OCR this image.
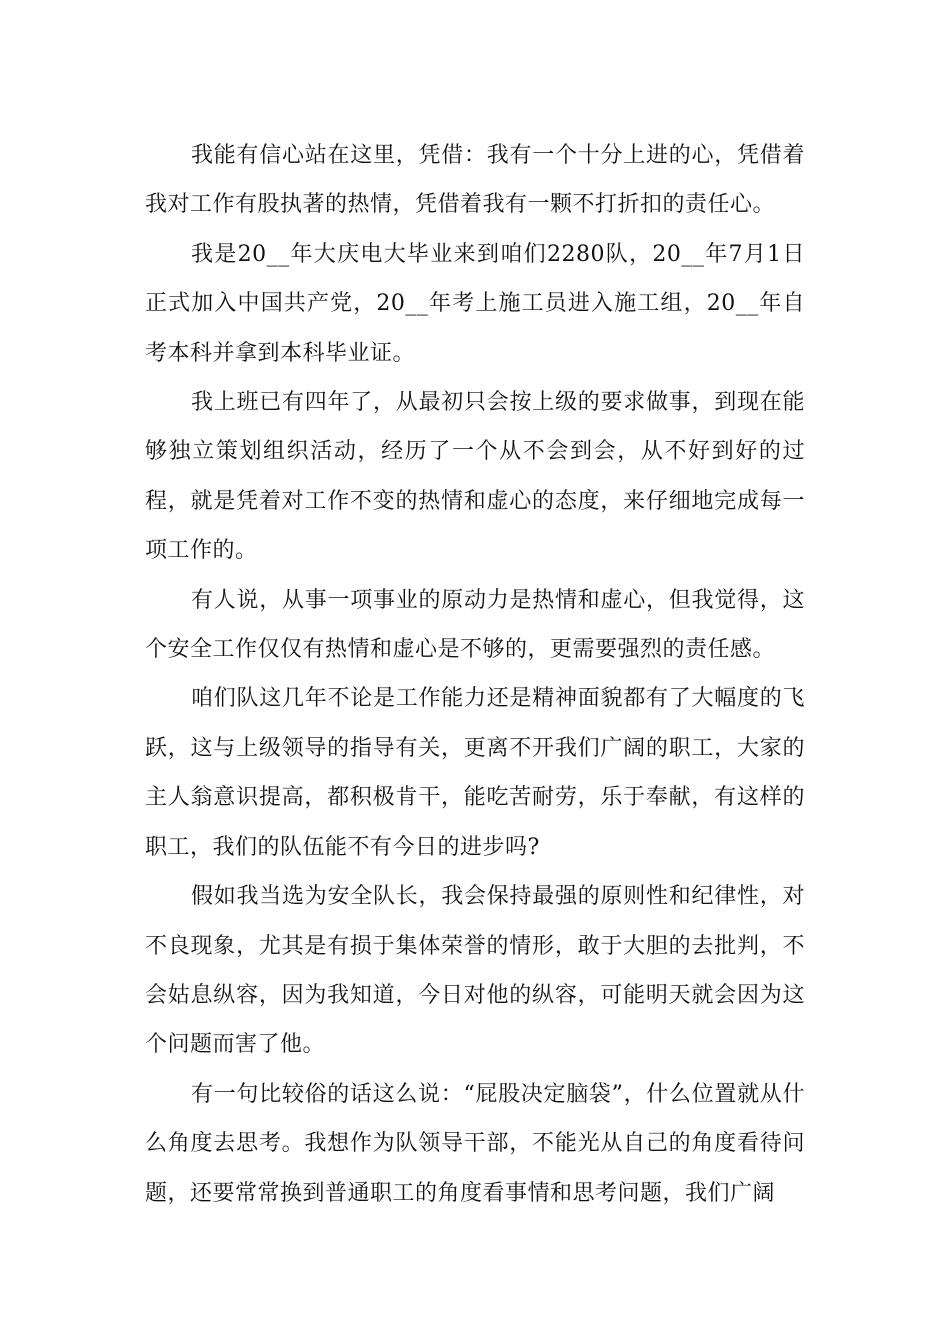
我能有信心站在这里，凭借：我有一个十分上进的心，凭借着我对工作有股执著的热情，凭借着我有一颗不打折扣的责任心。

我是20__年大庆电大毕业来到咱们2280队，20__年7月1日正式加入中国共产党，20__年考上施工员进入施工组，20__年自考本科并拿到本科毕业证。

我上班已有四年了，从最初只会按上级的要求做事，到现在能够独立策划组织活动，经历了一个从不会到会，从不好到好的过程，就是凭着对工作不变的热情和虚心的态度，来仔细地完成每一项工作的。

有人说，从事一项事业的原动力是热情和虚心，但我觉得，这个安全工作仅仅有热情和虚心是不够的，更需要强烈的责任感。

咱们队这几年不论是工作能力还是精神面貌都有了大幅度的飞跃，这与上级领导的指导有关，更离不开我们广阔的职工，大家的主人翁意识提高，都积极肯干，能吃苦耐劳，乐于奉献，有这样的职工，我们的队伍能不有今日的进步吗?

假如我当选为安全队长，我会保持最强的原则性和纪律性，对不良现象，尤其是有损于集体荣誉的情形，敢于大胆的去批判，不会姑息纵容，因为我知道，今日对他的纵容，可能明天就会因为这个问题而害了他。

有一句比较俗的话这么说：“屁股决定脑袋”，什么位置就从什么角度去思考。我想作为队领导干部，不能光从自己的角度看待问题，还要常常换到普通职工的角度看事情和思考问题，我们广阔
